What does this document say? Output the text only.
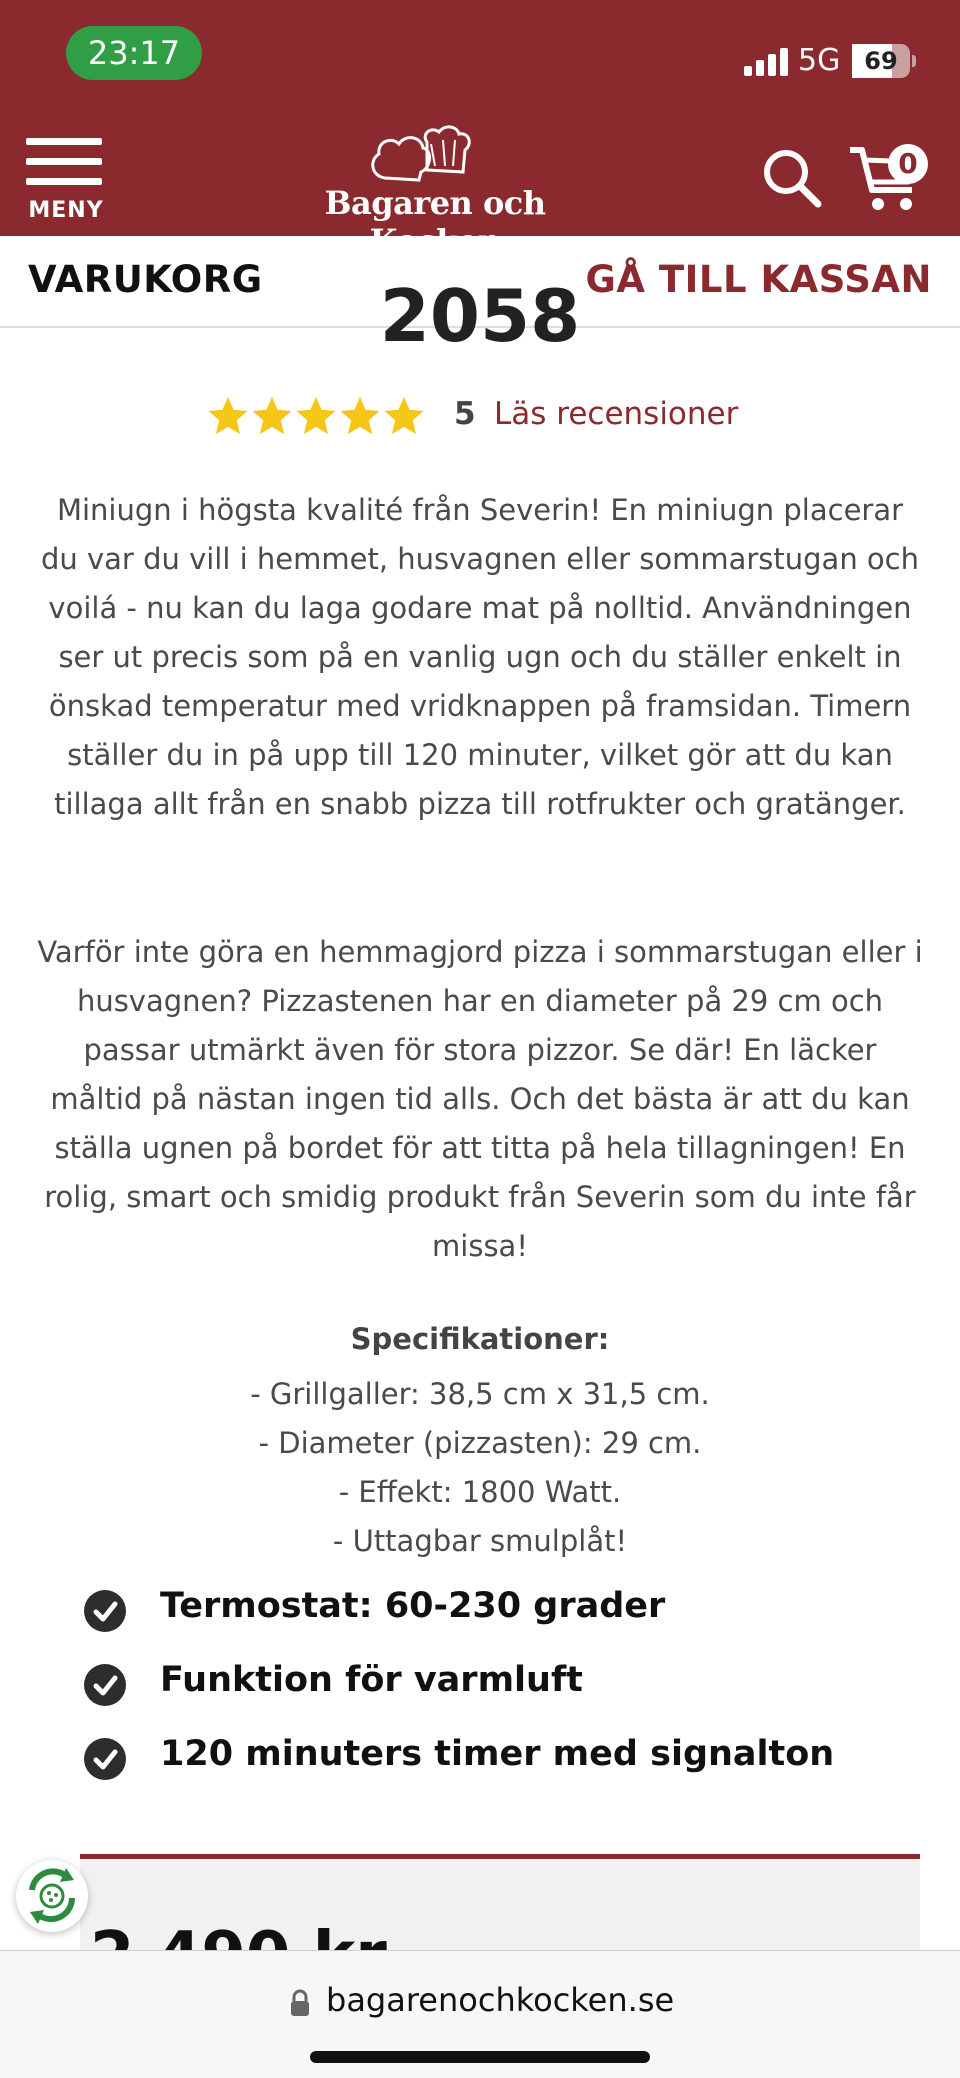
23:17	5G 69
MENY	Bagaren och
0
VARUKORG	GÅ TILL KASSAN
2058
5 Läs recensioner
Miniugn i högsta kvalité från Severin! En miniugn placerar du var du vill i hemmet, husvagnen eller sommarstugan och voilá - nu kan du laga godare mat på nolltid. Användningen ser ut precis som på en vanlig ugn och du ställer enkelt in önskad temperatur med vridknappen på framsidan. Timern ställer du in på upp till 120 minuter, vilket gör att du kan tillaga allt från en snabb pizza till rotfrukter och gratänger.
Varför inte göra en hemmagjord pizza i sommarstugan eller i husvagnen? Pizzastenen har en diameter på 29 cm och passar utmärkt även för stora pizzor. Se där! En läcker måltid på nästan ingen tid alls. Och det bästa är att du kan ställa ugnen på bordet för att titta på hela tillagningen! En rolig, smart och smidig produkt från Severin som du inte får missa!
Specifikationer:
- Grillgaller: 38,5 cm x 31,5 cm.
- Diameter (pizzasten): 29 cm.
- Effekt: 1800 Watt.
- Uttagbar smulplåt!
Termostat: 60-230 grader
Funktion för varmluft
120 minuters timer med signalton
bagarenochkocken.se
